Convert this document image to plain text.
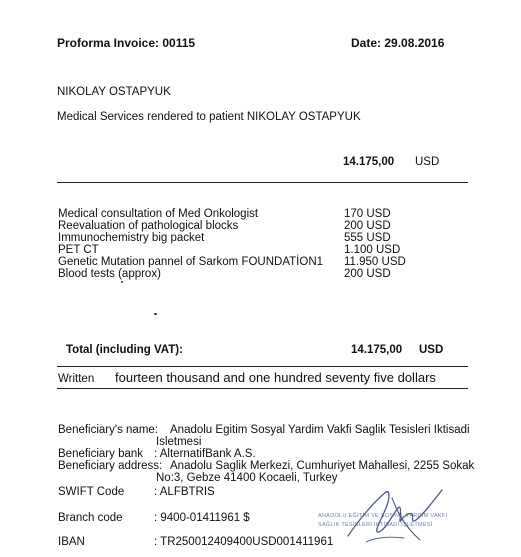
Proforma Invoice: 00115	Date: 29.08.2016
NIKOLAY OSTAPYUK
Medical Services rendered to patient NIKOLAY OSTAPYUK
14.175,00 USD
Medical consultation of Med Onkologist	170 USD
Reevaluation of pathological blocks	200 USD
Immunochemistry big packet	555 USD
PET CT	1.100 USD
Genetic Mutation pannel of Sarkom FOUNDATİON1 11.950 USD
Blood tests (approx)	200 USD
Total (including VAT):	14.175,00 USD
Written fourteen thousand and one hundred seventy five dollars
Beneficiary's name: Anadolu Egitim Sosyal Yardim Vakfi Saglik Tesisleri Iktisadi
Isletmesi
Beneficiary bank : AlternatifBank A.S.
Beneficiary address: Anadolu Saglik Merkezi, Cumhuriyet Mahallesi, 2255 Sokak
No:3, Gebze 41400 Kocaeli, Turkey
SWIFT Code	: ALFBTRIS
Branch code	: 9400-01411961 $
IBAN	: TR250012409400USD001411961
ANADOLU EĞİTİM VE SOSYAL YARDIM VAKFI
SAĞLIK TESİSLERİ İKTİSADİ İŞLETMESİ
